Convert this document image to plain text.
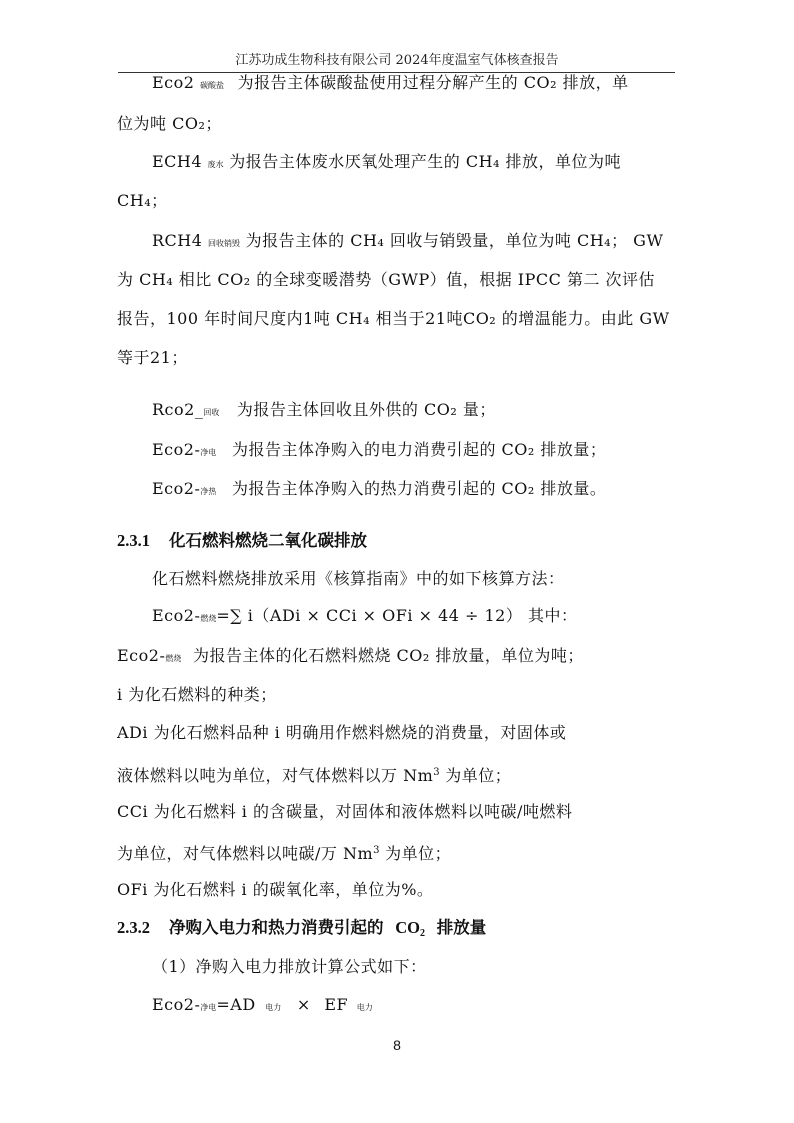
江苏功成生物科技有限公司 2024年度温室气体核查报告
Eco2 碳酸盐 为报告主体碳酸盐使用过程分解产生的 CO₂ 排放，单
位为吨 CO₂；
ECH4 废水 为报告主体废水厌氧处理产生的 CH₄ 排放，单位为吨
CH₄；
RCH4 回收销毁 为报告主体的 CH₄ 回收与销毁量，单位为吨 CH₄； GW
为 CH₄ 相比 CO₂ 的全球变暖潜势（GWP）值，根据 IPCC 第二 次评估
报告，100 年时间尺度内1吨 CH₄ 相当于21吨CO₂ 的增温能力。由此 GW
等于21；
Rco2_回收 为报告主体回收且外供的 CO₂ 量；
Eco2-净电 为报告主体净购入的电力消费引起的 CO₂ 排放量；
Eco2-净热 为报告主体净购入的热力消费引起的 CO₂ 排放量。
2.3.1 化石燃料燃烧二氧化碳排放
化石燃料燃烧排放采用《核算指南》中的如下核算方法：
Eco2-燃烧=∑ i（ADi × CCi × OFi × 44 ÷ 12） 其中：
Eco2-燃烧 为报告主体的化石燃料燃烧 CO₂ 排放量，单位为吨；
i 为化石燃料的种类；
ADi 为化石燃料品种 i 明确用作燃料燃烧的消费量，对固体或
液体燃料以吨为单位，对气体燃料以万 Nm$^3$ 为单位；
CCi 为化石燃料 i 的含碳量，对固体和液体燃料以吨碳/吨燃料
为单位，对气体燃料以吨碳/万 Nm$^3$ 为单位；
OFi 为化石燃料 i 的碳氧化率，单位为%。
2.3.2 净购入电力和热力消费引起的 $CO_2$ 排放量
（1）净购入电力排放计算公式如下：
Eco2-净电=AD 电力 × EF 电力
8
